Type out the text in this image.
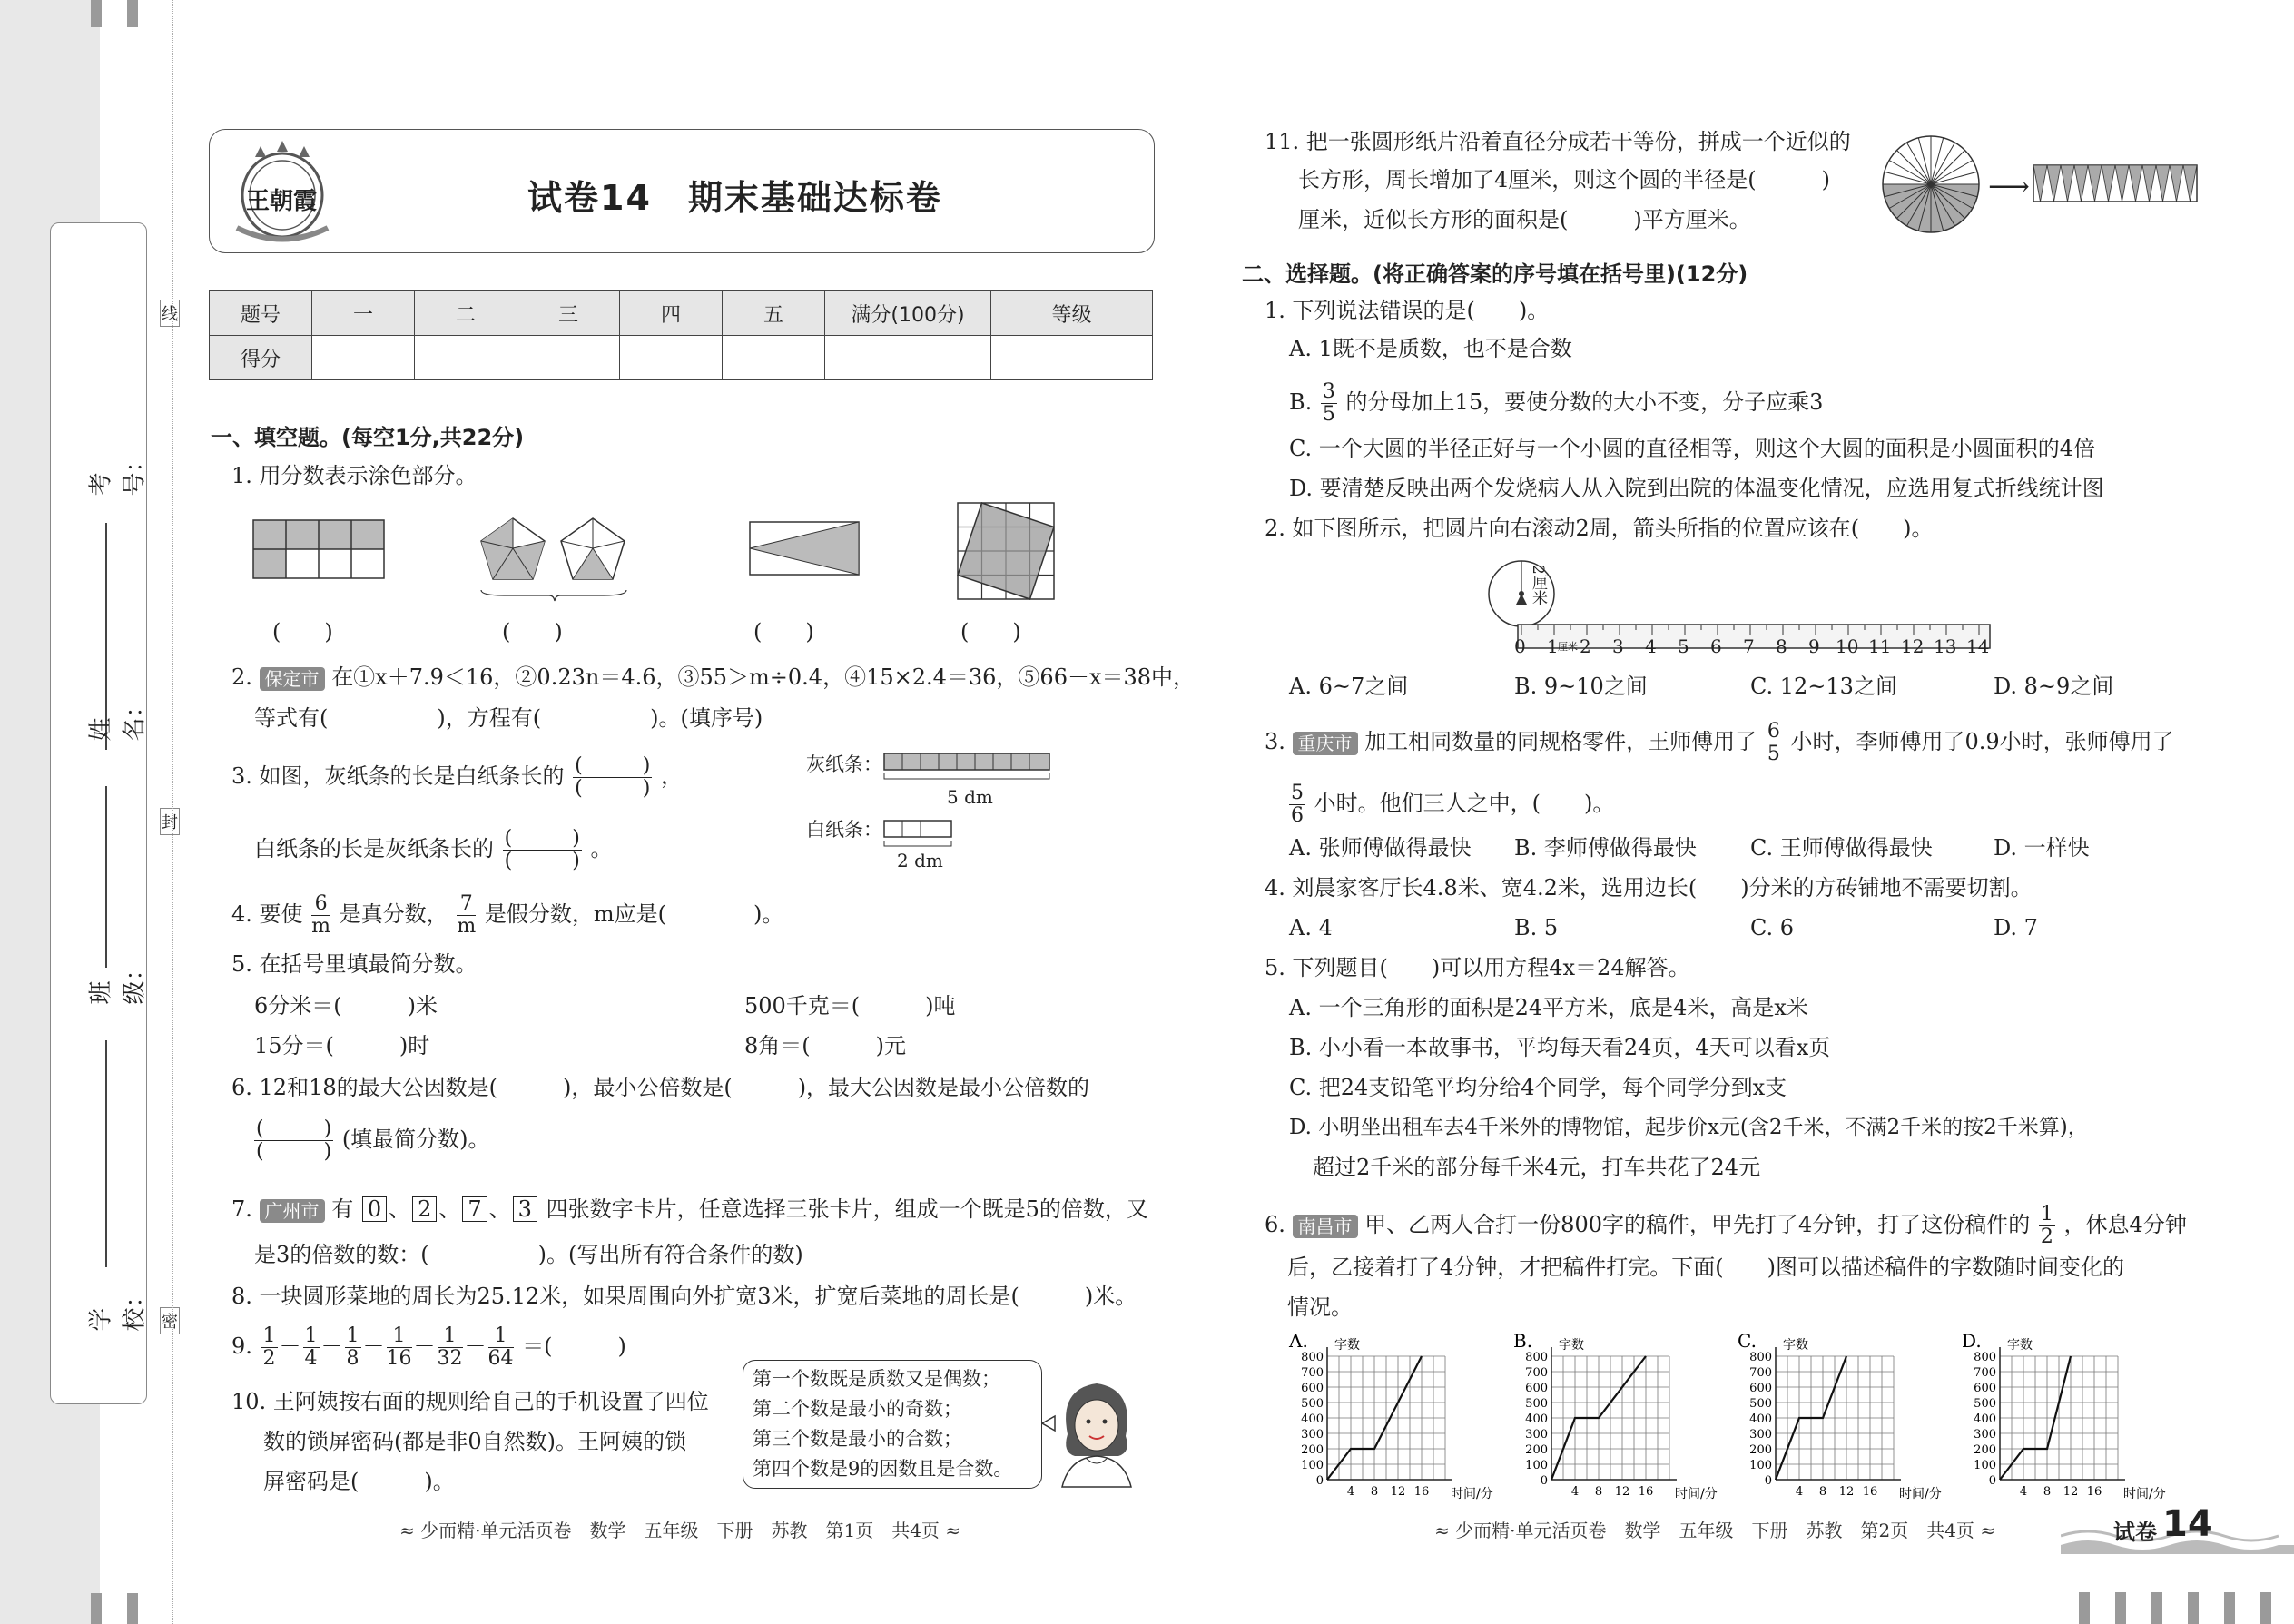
考号：
姓名：
班级：
学校：
线
封
密
王朝霞	试卷14　期末基础达标卷
题号	一	二	三	四	五	满分(100分)	等级
得分							
一、填空题。(每空1分,共22分)
1. 用分数表示涂色部分。
(　　)	(　　)	(　　)	(　　)
2. 保定市 在①x＋7.9＜16，②0.23n＝4.6，③55＞m÷0.4，④15×2.4＝36，⑤66－x＝38中，
等式有(　　　　　)，方程有(　　　　　)。(填序号)
3. 如图，灰纸条的长是白纸条长的 $\frac{( )}{( )}$ ，
白纸条的长是灰纸条长的 $\frac{( )}{( )}$ 。
灰纸条：
5 dm
白纸条：
2 dm
4. 要使 $\frac{6}{m}$ 是真分数， $\frac{7}{m}$ 是假分数，m应是(　　　　)。
5. 在括号里填最简分数。
6分米＝(　　　)米	500千克＝(　　　)吨
15分＝(　　　)时	8角＝(　　　)元
6. 12和18的最大公因数是(　　　)，最小公倍数是(　　　)，最大公因数是最小公倍数的
$\frac{( )}{( )}$ (填最简分数)。
7. 广州市 有 0 、 2 、 7 、 3 四张数字卡片，任意选择三张卡片，组成一个既是5的倍数，又
是3的倍数的数：(　　　　　)。(写出所有符合条件的数)
8. 一块圆形菜地的周长为25.12米，如果周围向外扩宽3米，扩宽后菜地的周长是(　　　)米。
9. $\frac{1}{2} - \frac{1}{4} - \frac{1}{8} - \frac{1}{16} - \frac{1}{32} - \frac{1}{64}$ ＝(　　　)
10. 王阿姨按右面的规则给自己的手机设置了四位
数的锁屏密码(都是非0自然数)。王阿姨的锁
屏密码是(　　　)。
第一个数既是质数又是偶数；
第二个数是最小的奇数；
第三个数是最小的合数；
第四个数是9的因数且是合数。
11. 把一张圆形纸片沿着直径分成若干等份，拼成一个近似的
长方形，周长增加了4厘米，则这个圆的半径是(　　　)
厘米，近似长方形的面积是(　　　)平方厘米。
⟶
二、选择题。(将正确答案的序号填在括号里)(12分)
1. 下列说法错误的是(　　)。
A. 1既不是质数，也不是合数
B. $\frac{3}{5}$ 的分母加上15，要使分数的大小不变，分子应乘3
C. 一个大圆的半径正好与一个小圆的直径相等，则这个大圆的面积是小圆面积的4倍
D. 要清楚反映出两个发烧病人从入院到出院的体温变化情况，应选用复式折线统计图
2. 如下图所示，把圆片向右滚动2周，箭头所指的位置应该在(　　)。
2厘米
0 1 厘米 2 3 4 5 6 7 8 9 10 11 12 13 14
A. 6~7之间	B. 9~10之间	C. 12~13之间	D. 8~9之间
3. 重庆市 加工相同数量的同规格零件，王师傅用了 $\frac{6}{5}$ 小时，李师傅用了0.9小时，张师傅用了
$\frac{5}{6}$ 小时。他们三人之中，(　　)。
A. 张师傅做得最快 B. 李师傅做得最快 C. 王师傅做得最快	D. 一样快
4. 刘晨家客厅长4.8米、宽4.2米，选用边长(　　)分米的方砖铺地不需要切割。
A. 4	B. 5	C. 6	D. 7
5. 下列题目(　　)可以用方程4x＝24解答。
A. 一个三角形的面积是24平方米，底是4米，高是x米
B. 小小看一本故事书，平均每天看24页，4天可以看x页
C. 把24支铅笔平均分给4个同学，每个同学分到x支
D. 小明坐出租车去4千米外的博物馆，起步价x元(含2千米，不满2千米的按2千米算)，
超过2千米的部分每千米4元，打车共花了24元
6. 南昌市 甲、乙两人合打一份800字的稿件，甲先打了4分钟，打了这份稿件的 $\frac{1}{2}$ ，休息4分钟
后，乙接着打了4分钟，才把稿件打完。下面(　　)图可以描述稿件的字数随时间变化的
情况。
A. 字数
0
100
200
300
400
500
600
700
800
4 8 12 16 时间/分
B. 字数
0
100
200
300
400
500
600
700
800
4 8 12 16 时间/分
C. 字数
0
100
200
300
400
500
600
700
800
4 8 12 16 时间/分
D. 字数
0
100
200
300
400
500
600
700
800
4 8 12 16 时间/分
≈ 少而精·单元活页卷　数学　五年级　下册　苏教　第1页　共4页 ≈	≈ 少而精·单元活页卷　数学　五年级　下册　苏教　第2页　共4页 ≈	试卷 14
